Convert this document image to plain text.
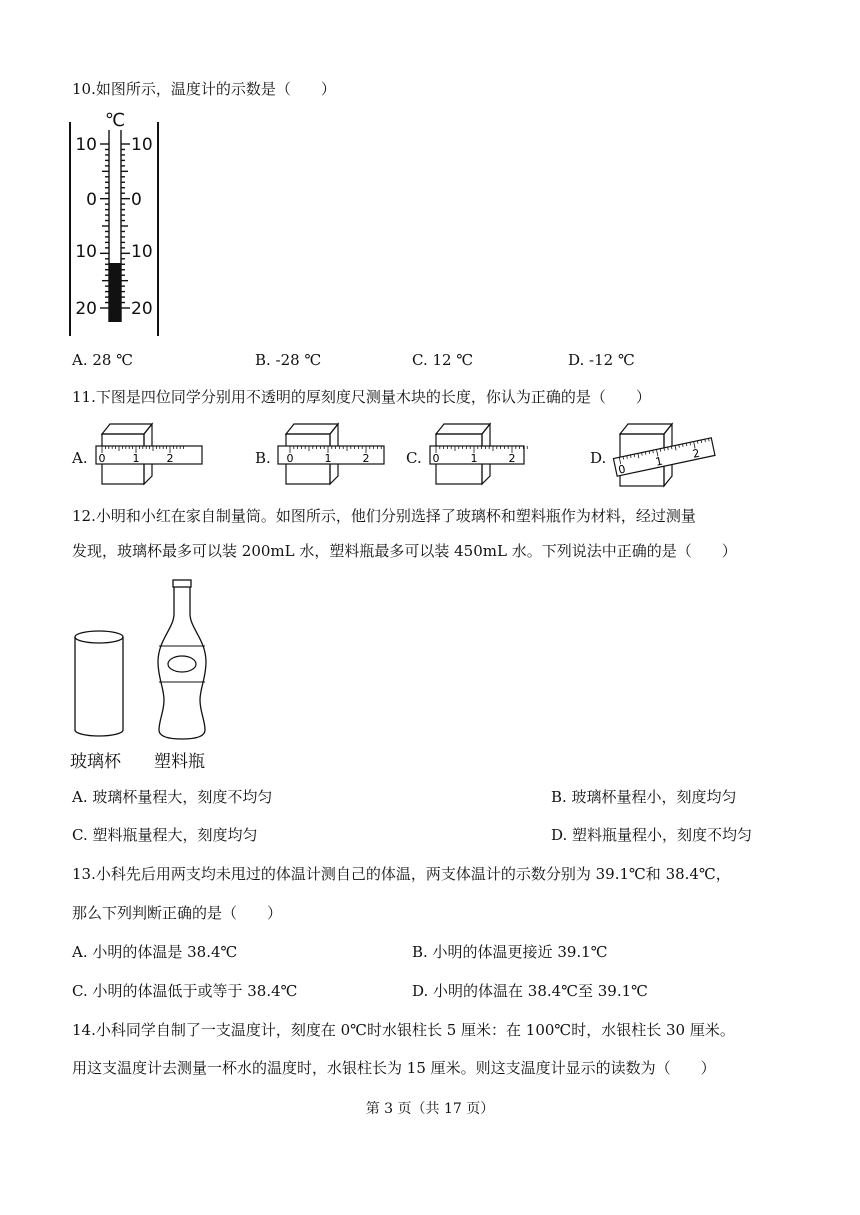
10.如图所示，温度计的示数是（　　）
℃
10
0
10
20
10
0
10
20
A. 28 ℃	B. -28 ℃	C. 12 ℃	D. -12 ℃
11.下图是四位同学分别用不透明的厚刻度尺测量木块的长度，你认为正确的是（　　）
A. 0 1 2	B. 0	1	2 C. 0	1	2	D.
0
1
2
12.小明和小红在家自制量筒。如图所示，他们分别选择了玻璃杯和塑料瓶作为材料，经过测量
发现，玻璃杯最多可以装 200mL 水，塑料瓶最多可以装 450mL 水。下列说法中正确的是（　　）
玻璃杯 塑料瓶
A. 玻璃杯量程大，刻度不均匀	B. 玻璃杯量程小，刻度均匀
C. 塑料瓶量程大，刻度均匀	D. 塑料瓶量程小，刻度不均匀
13.小科先后用两支均未甩过的体温计测自己的体温，两支体温计的示数分别为 39.1℃和 38.4℃，
那么下列判断正确的是（　　）
A. 小明的体温是 38.4℃	B. 小明的体温更接近 39.1℃
C. 小明的体温低于或等于 38.4℃	D. 小明的体温在 38.4℃至 39.1℃
14.小科同学自制了一支温度计，刻度在 0℃时水银柱长 5 厘米：在 100℃时，水银柱长 30 厘米。
用这支温度计去测量一杯水的温度时，水银柱长为 15 厘米。则这支温度计显示的读数为（　　）
第 3 页（共 17 页）
